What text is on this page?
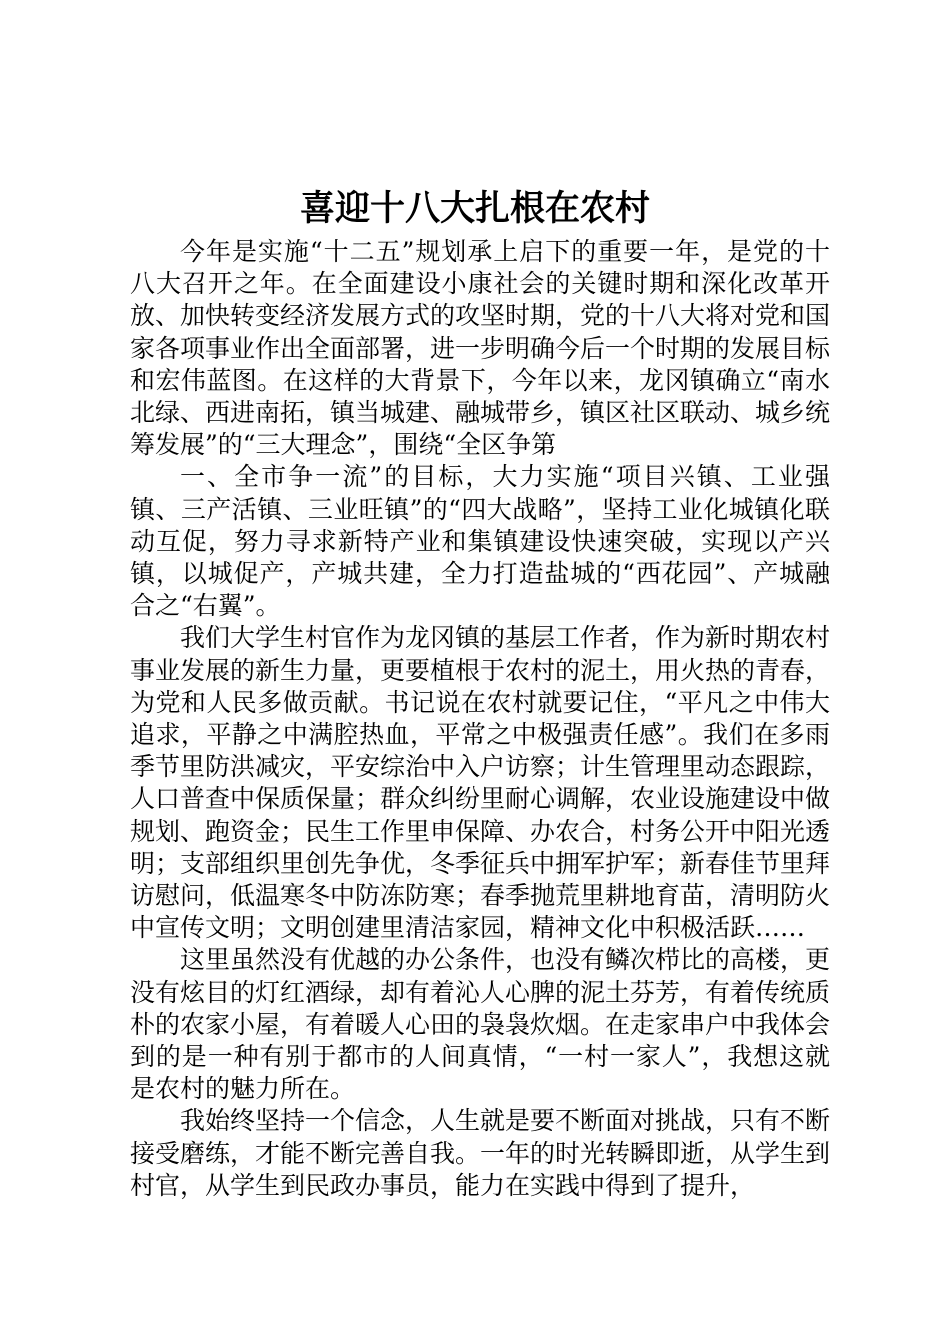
喜迎十八大扎根在农村

今年是实施“十二五”规划承上启下的重要一年，是党的十八大召开之年。在全面建设小康社会的关键时期和深化改革开放、加快转变经济发展方式的攻坚时期，党的十八大将对党和国家各项事业作出全面部署，进一步明确今后一个时期的发展目标和宏伟蓝图。在这样的大背景下，今年以来，龙冈镇确立“南水北绿、西进南拓，镇当城建、融城带乡，镇区社区联动、城乡统筹发展”的“三大理念”，围绕“全区争第

一、全市争一流”的目标，大力实施“项目兴镇、工业强镇、三产活镇、三业旺镇”的“四大战略”，坚持工业化城镇化联动互促，努力寻求新特产业和集镇建设快速突破，实现以产兴镇，以城促产，产城共建，全力打造盐城的“西花园”、产城融合之“右翼”。

我们大学生村官作为龙冈镇的基层工作者，作为新时期农村事业发展的新生力量，更要植根于农村的泥土，用火热的青春，为党和人民多做贡献。书记说在农村就要记住，“平凡之中伟大追求，平静之中满腔热血，平常之中极强责任感”。我们在多雨季节里防洪减灾，平安综治中入户访察；计生管理里动态跟踪，人口普查中保质保量；群众纠纷里耐心调解，农业设施建设中做规划、跑资金；民生工作里申保障、办农合，村务公开中阳光透明；支部组织里创先争优，冬季征兵中拥军护军；新春佳节里拜访慰问，低温寒冬中防冻防寒；春季抛荒里耕地育苗，清明防火中宣传文明；文明创建里清洁家园，精神文化中积极活跃……

这里虽然没有优越的办公条件，也没有鳞次栉比的高楼，更没有炫目的灯红酒绿，却有着沁人心脾的泥土芬芳，有着传统质朴的农家小屋，有着暖人心田的袅袅炊烟。在走家串户中我体会到的是一种有别于都市的人间真情，“一村一家人”，我想这就是农村的魅力所在。

我始终坚持一个信念，人生就是要不断面对挑战，只有不断接受磨练，才能不断完善自我。一年的时光转瞬即逝，从学生到村官，从学生到民政办事员，能力在实践中得到了提升，
